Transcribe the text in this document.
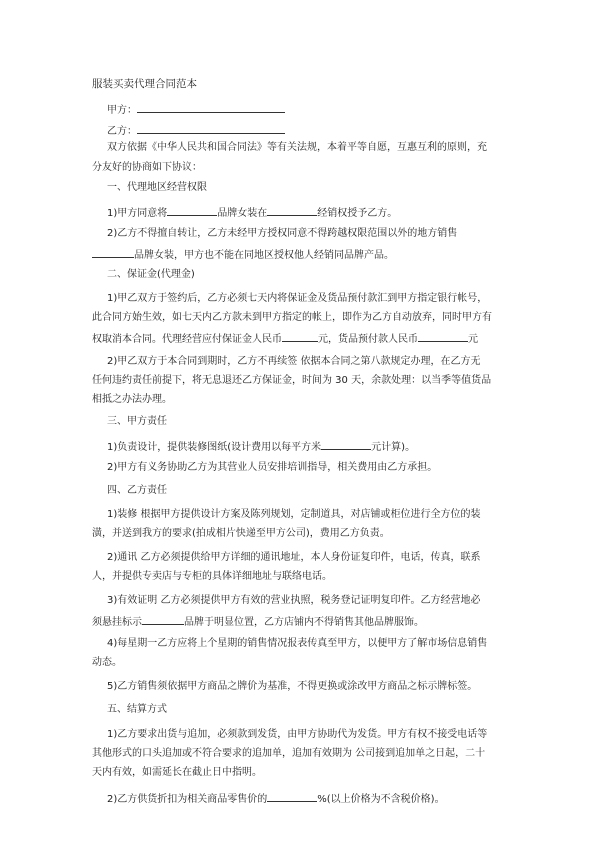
服装买卖代理合同范本
甲方：
乙方：
双方依据《中华人民共和国合同法》等有关法规，本着平等自愿，互惠互利的原则，充
分友好的协商如下协议：
一、代理地区经营权限
1)甲方同意将	品牌女装在	经销权授予乙方。
2)乙方不得擅自转让，乙方未经甲方授权同意不得跨越权限范围以外的地方销售
品牌女装，甲方也不能在同地区授权他人经销同品牌产品。
二、保证金(代理金)
1)甲乙双方于签约后，乙方必须七天内将保证金及货品预付款汇到甲方指定银行帐号，
此合同方始生效，如七天内乙方款未到甲方指定的帐上，即作为乙方自动放弃，同时甲方有
权取消本合同。代理经营应付保证金人民币	元，货品预付款人民币	元
2)甲乙双方于本合同到期时，乙方不再续签 依据本合同之第八款规定办理，在乙方无
任何违约责任前提下，将无息退还乙方保证金，时间为 30 天，余款处理：以当季等值货品
相抵之办法办理。
三、甲方责任
1)负责设计，提供装修图纸(设计费用以每平方米	元计算)。
2)甲方有义务协助乙方为其营业人员安排培训指导，相关费用由乙方承担。
四、乙方责任
1)装修 根据甲方提供设计方案及陈列规划，定制道具，对店铺或柜位进行全方位的装
潢，并送到我方的要求(拍成相片快递至甲方公司)，费用乙方负责。
2)通讯 乙方必须提供给甲方详细的通讯地址，本人身份证复印件，电话，传真，联系
人，并提供专卖店与专柜的具体详细地址与联络电话。
3)有效证明 乙方必须提供甲方有效的营业执照，税务登记证明复印件。乙方经营地必
须悬挂标示	品牌于明显位置，乙方店铺内不得销售其他品牌服饰。
4)每星期一乙方应将上个星期的销售情况报表传真至甲方，以便甲方了解市场信息销售
动态。
5)乙方销售须依据甲方商品之牌价为基准，不得更换或涂改甲方商品之标示牌标签。
五、结算方式
1)乙方要求出货与追加，必须款到发货，由甲方协助代为发货。甲方有权不接受电话等
其他形式的口头追加或不符合要求的追加单，追加有效期为 公司接到追加单之日起，二十
天内有效，如需延长在截止日中指明。
2)乙方供货折扣为相关商品零售价的	%(以上价格为不含税价格)。
